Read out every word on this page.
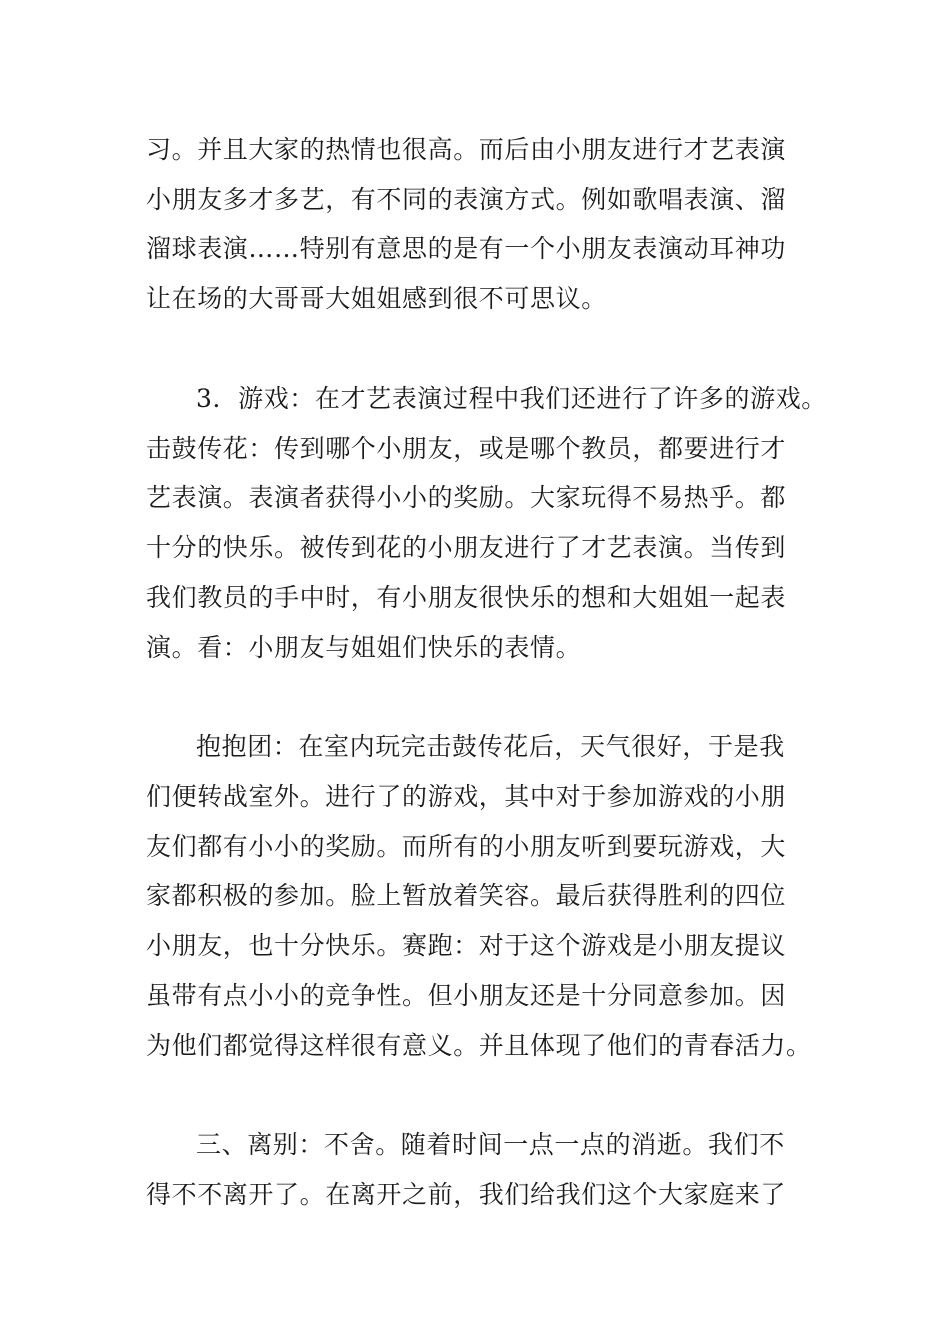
习。并且大家的热情也很高。而后由小朋友进行才艺表演
小朋友多才多艺，有不同的表演方式。例如歌唱表演、溜
溜球表演……特别有意思的是有一个小朋友表演动耳神功
让在场的大哥哥大姐姐感到很不可思议。
3．游戏：在才艺表演过程中我们还进行了许多的游戏。
击鼓传花：传到哪个小朋友，或是哪个教员，都要进行才
艺表演。表演者获得小小的奖励。大家玩得不易热乎。都
十分的快乐。被传到花的小朋友进行了才艺表演。当传到
我们教员的手中时，有小朋友很快乐的想和大姐姐一起表
演。看：小朋友与姐姐们快乐的表情。
抱抱团：在室内玩完击鼓传花后，天气很好，于是我
们便转战室外。进行了的游戏，其中对于参加游戏的小朋
友们都有小小的奖励。而所有的小朋友听到要玩游戏，大
家都积极的参加。脸上暂放着笑容。最后获得胜利的四位
小朋友，也十分快乐。赛跑：对于这个游戏是小朋友提议
虽带有点小小的竞争性。但小朋友还是十分同意参加。因
为他们都觉得这样很有意义。并且体现了他们的青春活力。
三、离别：不舍。随着时间一点一点的消逝。我们不
得不不离开了。在离开之前，我们给我们这个大家庭来了
